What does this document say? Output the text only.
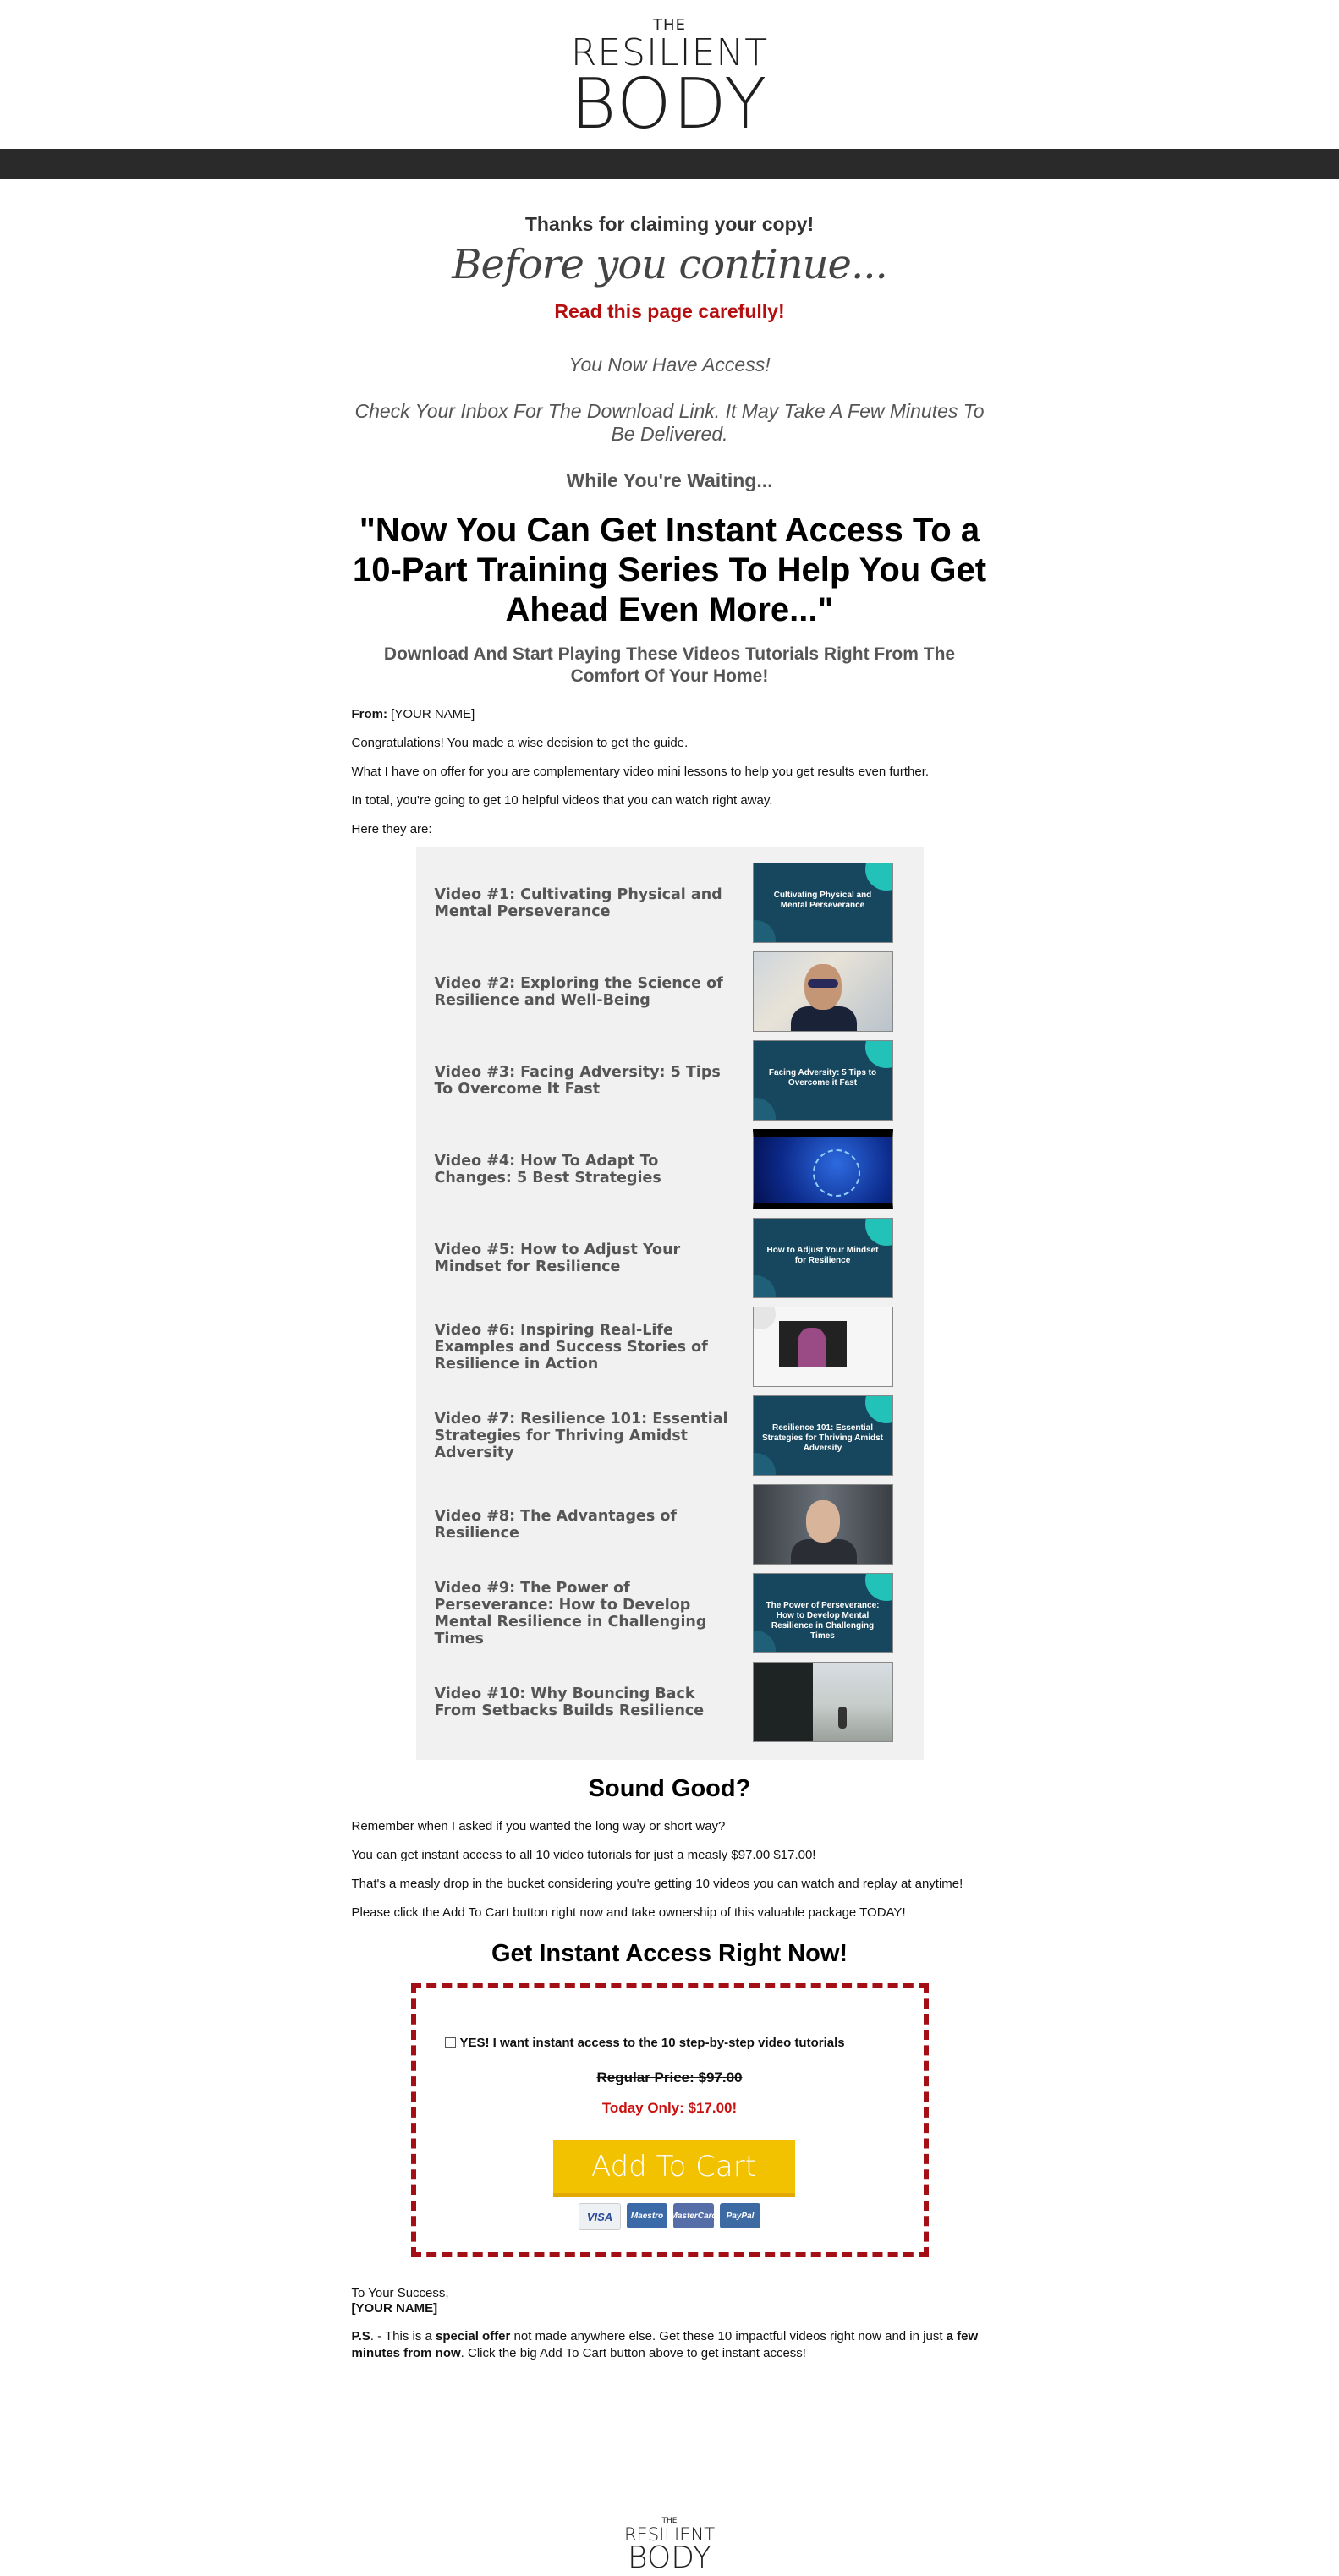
THE
RESILIENT
BODY
Thanks for claiming your copy!
Before you continue...
Read this page carefully!
You Now Have Access!
Check Your Inbox For The Download Link. It May Take A Few Minutes To Be Delivered.
While You're Waiting...
"Now You Can Get Instant Access To a 10-Part Training Series To Help You Get Ahead Even More..."
Download And Start Playing These Videos Tutorials Right From The Comfort Of Your Home!
From: [YOUR NAME]
Congratulations! You made a wise decision to get the guide.
What I have on offer for you are complementary video mini lessons to help you get results even further.
In total, you're going to get 10 helpful videos that you can watch right away.
Here they are:
Video #1: Cultivating Physical and Mental Perseverance
Cultivating Physical and Mental Perseverance
Video #2: Exploring the Science of Resilience and Well-Being
Video #3: Facing Adversity: 5 Tips To Overcome It Fast
Facing Adversity: 5 Tips to Overcome it Fast
Video #4: How To Adapt To Changes: 5 Best Strategies
Video #5: How to Adjust Your Mindset for Resilience
How to Adjust Your Mindset for Resilience
Video #6: Inspiring Real-Life Examples and Success Stories of Resilience in Action
Video #7: Resilience 101: Essential Strategies for Thriving Amidst Adversity
Resilience 101: Essential Strategies for Thriving Amidst Adversity
Video #8: The Advantages of Resilience
Video #9: The Power of Perseverance: How to Develop Mental Resilience in Challenging Times
The Power of Perseverance: How to Develop Mental Resilience in Challenging Times
Video #10: Why Bouncing Back From Setbacks Builds Resilience
Sound Good?
Remember when I asked if you wanted the long way or short way?
You can get instant access to all 10 video tutorials for just a measly $97.00 $17.00!
That's a measly drop in the bucket considering you're getting 10 videos you can watch and replay at anytime!
Please click the Add To Cart button right now and take ownership of this valuable package TODAY!
Get Instant Access Right Now!
YES! I want instant access to the 10 step-by-step video tutorials
Regular Price: $97.00
Today Only: $17.00!
Add To Cart
VISA	Maestro MasterCard	PayPal
To Your Success,
[YOUR NAME]
P.S. - This is a special offer not made anywhere else. Get these 10 impactful videos right now and in just a few minutes from now. Click the big Add To Cart button above to get instant access!
THE
RESILIENT
BODY
